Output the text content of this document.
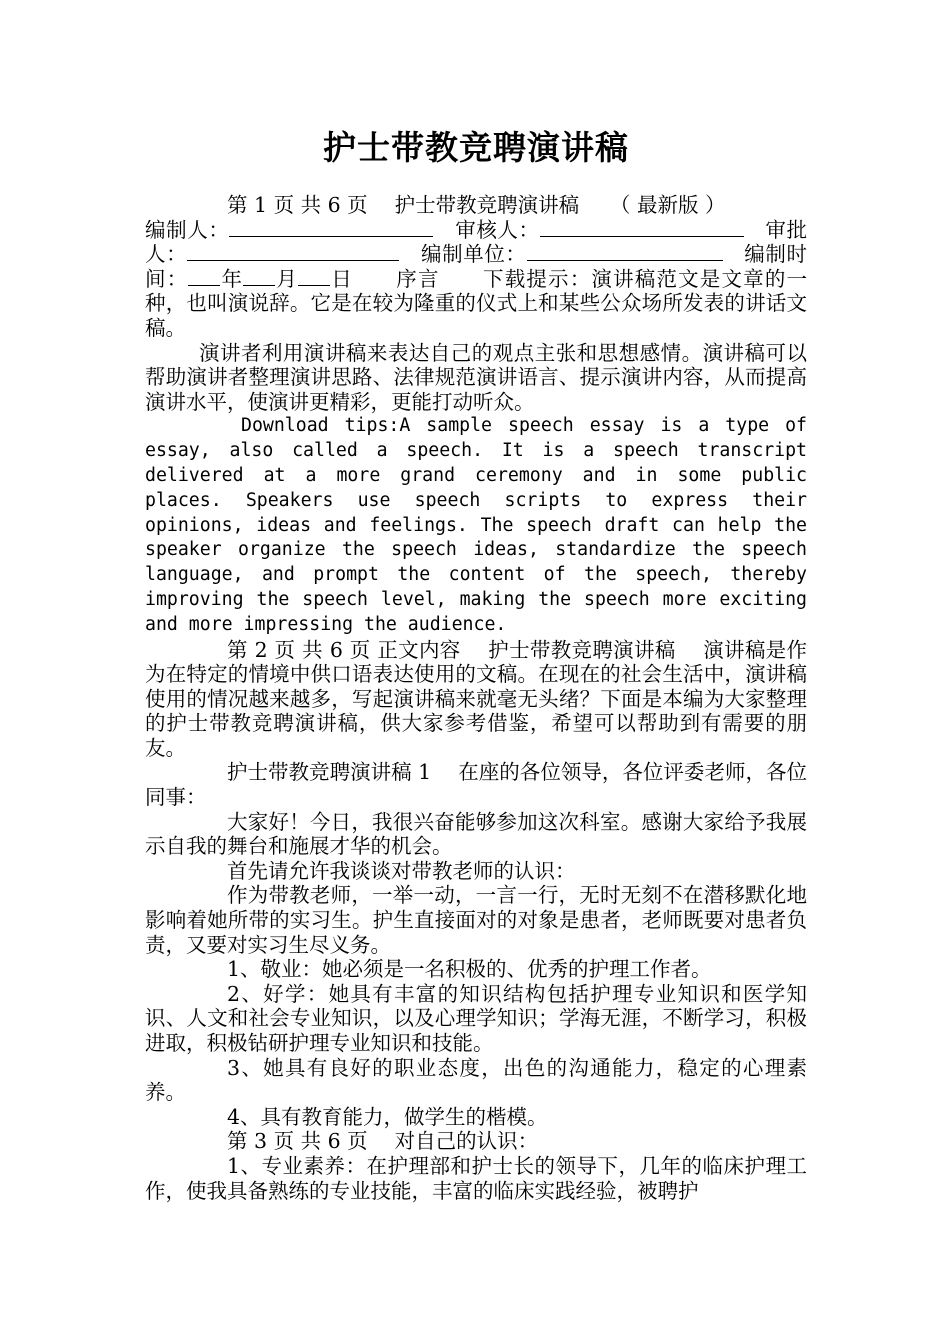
护士带教竞聘演讲稿

第 1 页 共 6 页　 护士带教竞聘演讲稿　　（ 最新版 ）
编制人：　	审核人：　	审批人：　	编制单位：　	编制时间： 年 月 日　　 序言　　 下载提示：演讲稿范文是文章的一种，也叫演说辞。它是在较为隆重的仪式上和某些公众场所发表的讲话文稿。

演讲者利用演讲稿来表达自己的观点主张和思想感情。演讲稿可以帮助演讲者整理演讲思路、法律规范演讲语言、提示演讲内容，从而提高演讲水平，使演讲更精彩，更能打动听众。

Download tips:A sample speech essay is a type of essay, also called a speech. It is a speech transcript delivered at a more grand ceremony and in some public places. Speakers use speech scripts to express their opinions, ideas and feelings. The speech draft can help the speaker organize the speech ideas, standardize the speech language, and prompt the content of the speech, thereby improving the speech level, making the speech more exciting and more impressing the audience.

第 2 页 共 6 页 正文内容　 护士带教竞聘演讲稿　 演讲稿是作为在特定的情境中供口语表达使用的文稿。在现在的社会生活中，演讲稿使用的情况越来越多，写起演讲稿来就毫无头绪？下面是本编为大家整理的护士带教竞聘演讲稿，供大家参考借鉴，希望可以帮助到有需要的朋友。

护士带教竞聘演讲稿 1　 在座的各位领导，各位评委老师，各位同事：

大家好！今日，我很兴奋能够参加这次科室。感谢大家给予我展示自我的舞台和施展才华的机会。

首先请允许我谈谈对带教老师的认识：

作为带教老师，一举一动，一言一行，无时无刻不在潜移默化地影响着她所带的实习生。护生直接面对的对象是患者，老师既要对患者负责，又要对实习生尽义务。

1、敬业：她必须是一名积极的、优秀的护理工作者。

2、好学：她具有丰富的知识结构包括护理专业知识和医学知识、人文和社会专业知识，以及心理学知识；学海无涯，不断学习，积极进取，积极钻研护理专业知识和技能。

3、她具有良好的职业态度，出色的沟通能力，稳定的心理素养。

4、具有教育能力，做学生的楷模。

第 3 页 共 6 页　 对自己的认识：

1、专业素养：在护理部和护士长的领导下，几年的临床护理工作，使我具备熟练的专业技能，丰富的临床实践经验，被聘护
